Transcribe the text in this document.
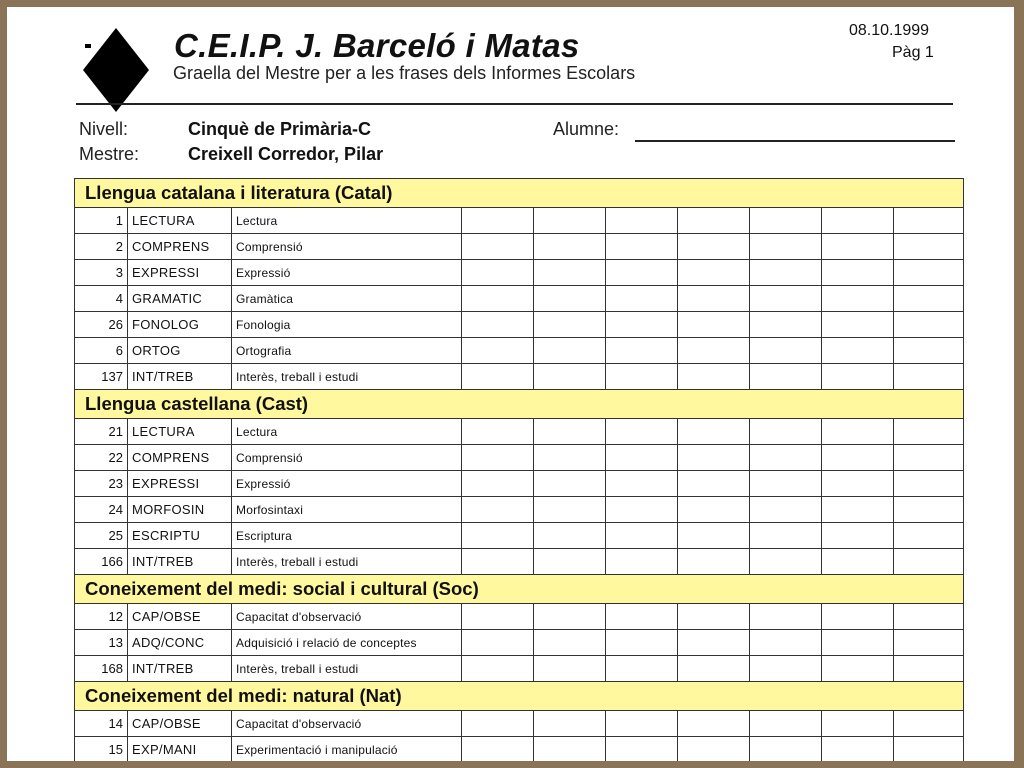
C.E.I.P. J. Barceló i Matas
Graella del Mestre per a les frases dels Informes Escolars
08.10.1999
Pàg 1
Nivell:	Cinquè de Primària-C
Mestre:	Creixell Corredor, Pilar
Alumne:
Llengua catalana i literatura (Catal)									
1	LECTURA	Lectura							
2	COMPRENS	Comprensió							
3	EXPRESSI	Expressió							
4	GRAMATIC	Gramàtica							
26	FONOLOG	Fonologia							
6	ORTOG	Ortografia							
137	INT/TREB	Interès, treball i estudi							
Llengua castellana (Cast)									
21	LECTURA	Lectura							
22	COMPRENS	Comprensió							
23	EXPRESSI	Expressió							
24	MORFOSIN	Morfosintaxi							
25	ESCRIPTU	Escriptura							
166	INT/TREB	Interès, treball i estudi							
Coneixement del medi: social i cultural (Soc)									
12	CAP/OBSE	Capacitat d'observació							
13	ADQ/CONC	Adquisició i relació de conceptes							
168	INT/TREB	Interès, treball i estudi							
Coneixement del medi: natural (Nat)									
14	CAP/OBSE	Capacitat d'observació							
15	EXP/MANI	Experimentació i manipulació							
